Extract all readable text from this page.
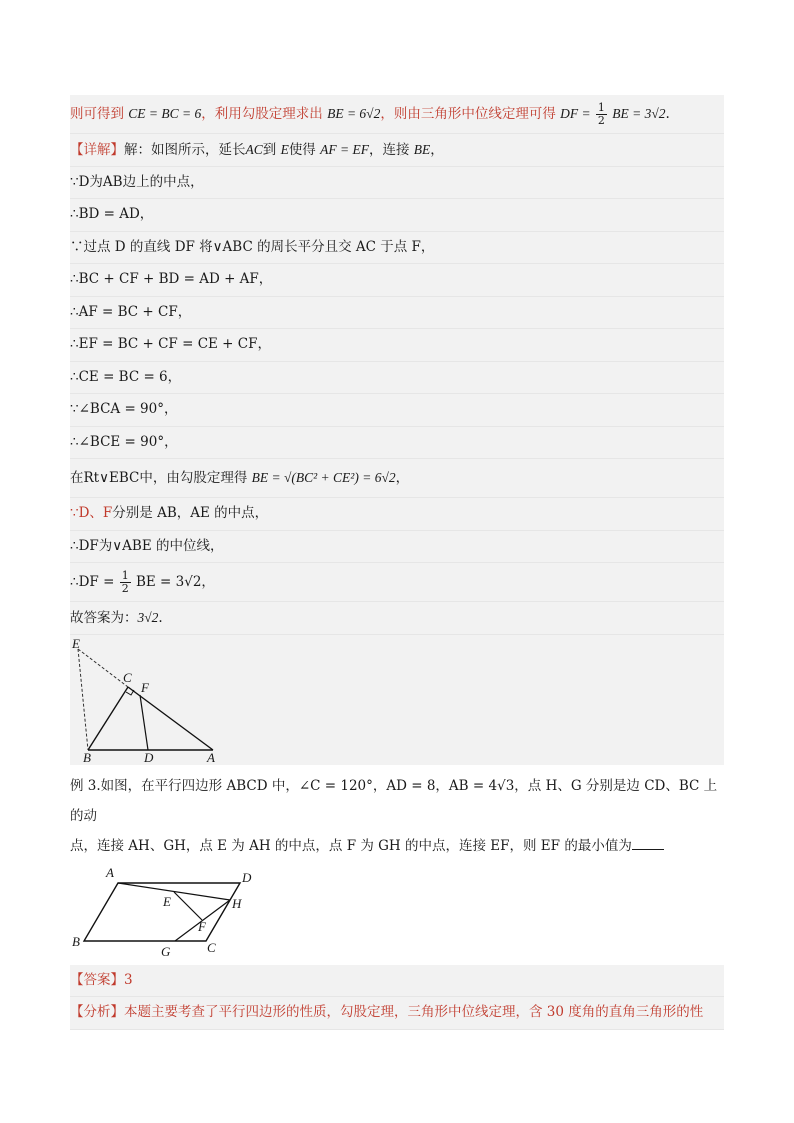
则可得到 CE = BC = 6，利用勾股定理求出 BE = 6√2，则由三角形中位线定理可得 DF = $\frac{1}{2}$ BE = 3√2.
【详解】解：如图所示，延长AC到 E使得 AF = EF，连接 BE，
∵D为AB边上的中点，
∴BD = AD，
∵过点 D 的直线 DF 将∨ABC 的周长平分且交 AC 于点 F，
∴BC + CF + BD = AD + AF，
∴AF = BC + CF，
∴EF = BC + CF = CE + CF，
∴CE = BC = 6，
∵∠BCA = 90°，
∴∠BCE = 90°，
在Rt∨EBC中，由勾股定理得 BE = √(BC² + CE²) = 6√2，
∵D、F分别是 AB，AE 的中点，
∴DF为∨ABE 的中位线，
∴DF = $\frac{1}{2}$ BE = 3√2，
故答案为：3√2.
E
C
F
B	D	A
例 3.如图，在平行四边形 ABCD 中，∠C = 120°，AD = 8，AB = 4√3，点 H、G 分别是边 CD、BC 上的动
点，连接 AH、GH，点 E 为 AH 的中点，点 F 为 GH 的中点，连接 EF，则 EF 的最小值为
A	D
E	H
F
B
G	C
【答案】3
【分析】本题主要考查了平行四边形的性质，勾股定理，三角形中位线定理，含 30 度角的直角三角形的性
